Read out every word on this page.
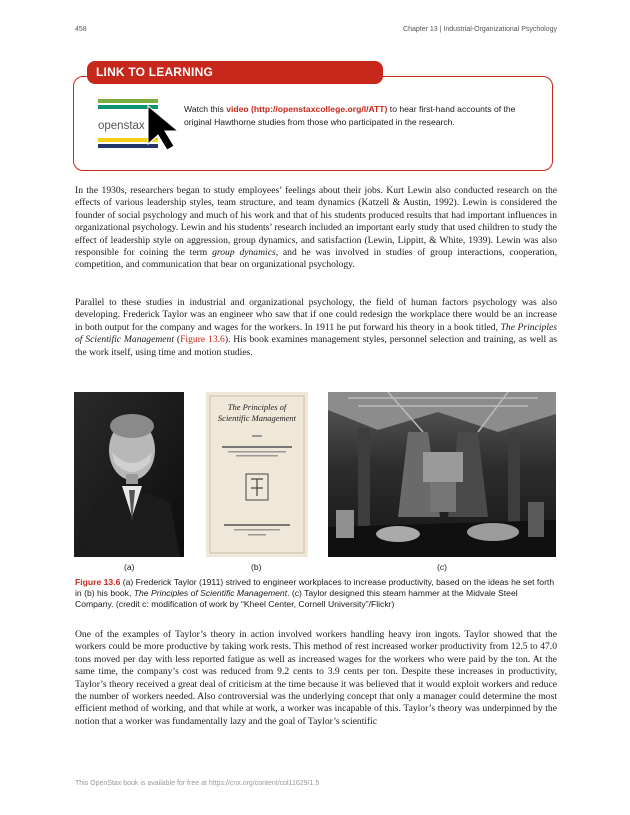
458	Chapter 13 | Industrial-Organizational Psychology
LINK TO LEARNING
openstax
Watch this video (http://openstaxcollege.org/l/ATT) to hear first-hand accounts of the original Hawthorne studies from those who participated in the research.

In the 1930s, researchers began to study employees’ feelings about their jobs. Kurt Lewin also conducted research on the effects of various leadership styles, team structure, and team dynamics (Katzell & Austin, 1992). Lewin is considered the founder of social psychology and much of his work and that of his students produced results that had important influences in organizational psychology. Lewin and his students’ research included an important early study that used children to study the effect of leadership style on aggression, group dynamics, and satisfaction (Lewin, Lippitt, & White, 1939). Lewin was also responsible for coining the term group dynamics, and he was involved in studies of group interactions, cooperation, competition, and communication that bear on organizational psychology.

Parallel to these studies in industrial and organizational psychology, the field of human factors psychology was also developing. Frederick Taylor was an engineer who saw that if one could redesign the workplace there would be an increase in both output for the company and wages for the workers. In 1911 he put forward his theory in a book titled, The Principles of Scientific Management (Figure 13.6). His book examines management styles, personnel selection and training, as well as the work itself, using time and motion studies.

The Principles of
Scientific Management
(a)	(b)	(c)
Figure 13.6 (a) Frederick Taylor (1911) strived to engineer workplaces to increase productivity, based on the ideas he set forth in (b) his book, The Principles of Scientific Management. (c) Taylor designed this steam hammer at the Midvale Steel Company. (credit c: modification of work by “Kheel Center, Cornell University”/Flickr)

One of the examples of Taylor’s theory in action involved workers handling heavy iron ingots. Taylor showed that the workers could be more productive by taking work rests. This method of rest increased worker productivity from 12.5 to 47.0 tons moved per day with less reported fatigue as well as increased wages for the workers who were paid by the ton. At the same time, the company’s cost was reduced from 9.2 cents to 3.9 cents per ton. Despite these increases in productivity, Taylor’s theory received a great deal of criticism at the time because it was believed that it would exploit workers and reduce the number of workers needed. Also controversial was the underlying concept that only a manager could determine the most efficient method of working, and that while at work, a worker was incapable of this. Taylor’s theory was underpinned by the notion that a worker was fundamentally lazy and the goal of Taylor’s scientific

This OpenStax book is available for free at https://cnx.org/content/col11629/1.5
